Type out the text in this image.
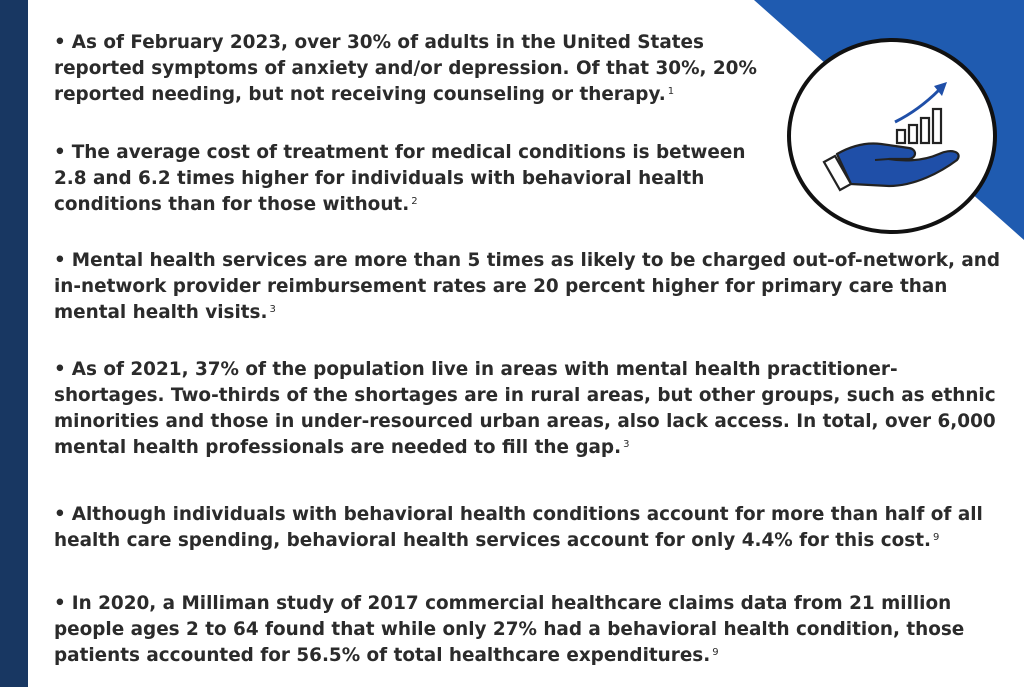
• As of February 2023, over 30% of adults in the United States reported symptoms of anxiety and/or depression. Of that 30%, 20% reported needing, but not receiving counseling or therapy. $^1$

• The average cost of treatment for medical conditions is between 2.8 and 6.2 times higher for individuals with behavioral health conditions than for those without. $^2$

• Mental health services are more than 5 times as likely to be charged out-of-network, and in-network provider reimbursement rates are 20 percent higher for primary care than mental health visits. $^3$

• As of 2021, 37% of the population live in areas with mental health practitioner-shortages. Two-thirds of the shortages are in rural areas, but other groups, such as ethnic minorities and those in under-resourced urban areas, also lack access. In total, over 6,000 mental health professionals are needed to fill the gap. $^3$

• Although individuals with behavioral health conditions account for more than half of all health care spending, behavioral health services account for only 4.4% for this cost. $^9$

• In 2020, a Milliman study of 2017 commercial healthcare claims data from 21 million people ages 2 to 64 found that while only 27% had a behavioral health condition, those patients accounted for 56.5% of total healthcare expenditures. $^9$
